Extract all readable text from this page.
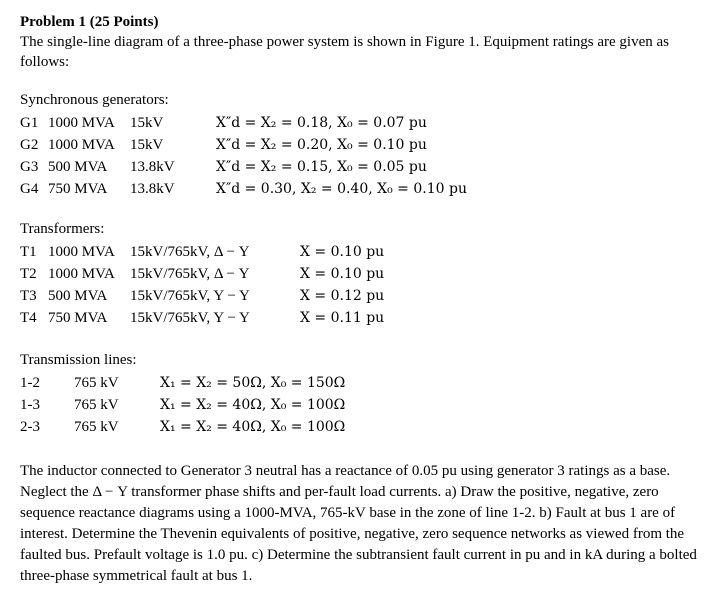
Problem 1 (25 Points)

The single-line diagram of a three-phase power system is shown in Figure 1. Equipment ratings are given as follows:

Synchronous generators:
G1 1000 MVA 15kV	X″d = X₂ = 0.18, X₀ = 0.07 pu
G2 1000 MVA 15kV	X″d = X₂ = 0.20, X₀ = 0.10 pu
G3 500 MVA 13.8kV	X″d = X₂ = 0.15, X₀ = 0.05 pu
G4 750 MVA 13.8kV	X″d = 0.30, X₂ = 0.40, X₀ = 0.10 pu
Transformers:
T1 1000 MVA 15kV/765kV, Δ − Y	X = 0.10 pu
T2 1000 MVA 15kV/765kV, Δ − Y	X = 0.10 pu
T3 500 MVA 15kV/765kV, Y − Y	X = 0.12 pu
T4 750 MVA 15kV/765kV, Y − Y	X = 0.11 pu
Transmission lines:
1-2 765 kV	X₁ = X₂ = 50Ω, X₀ = 150Ω
1-3 765 kV	X₁ = X₂ = 40Ω, X₀ = 100Ω
2-3 765 kV	X₁ = X₂ = 40Ω, X₀ = 100Ω

The inductor connected to Generator 3 neutral has a reactance of 0.05 pu using generator 3 ratings as a base. Neglect the Δ − Y transformer phase shifts and per-fault load currents. a) Draw the positive, negative, zero sequence reactance diagrams using a 1000-MVA, 765-kV base in the zone of line 1-2. b) Fault at bus 1 are of interest. Determine the Thevenin equivalents of positive, negative, zero sequence networks as viewed from the faulted bus. Prefault voltage is 1.0 pu. c) Determine the subtransient fault current in pu and in kA during a bolted three-phase symmetrical fault at bus 1.
